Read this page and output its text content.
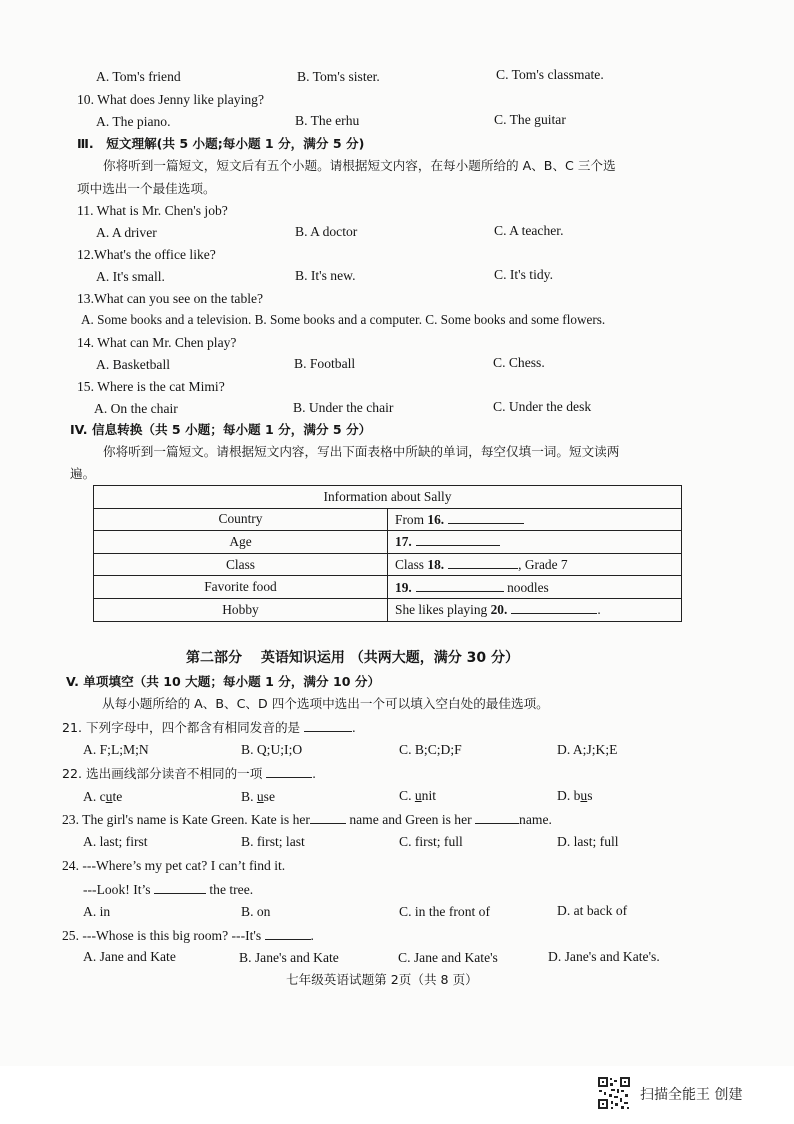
A. Tom's friend	B. Tom's sister.	C. Tom's classmate.
10. What does Jenny like playing?
A. The piano.	B. The erhu	C. The guitar
Ⅲ.　短文理解(共 5 小题;每小题 1 分，满分 5 分)
你将听到一篇短文，短文后有五个小题。请根据短文内容，在每小题所给的 A、B、C 三个选
项中选出一个最佳选项。
11. What is Mr. Chen's job?
A. A driver	B. A doctor	C. A teacher.
12.What's the office like?
A. It's small.	B. It's new.	C. It's tidy.
13.What can you see on the table?
A. Some books and a television. B. Some books and a computer. C. Some books and some flowers.
14. What can Mr. Chen play?
A. Basketball	B. Football	C. Chess.
15. Where is the cat Mimi?
A. On the chair	B. Under the chair	C. Under the desk
IV. 信息转换（共 5 小题；每小题 1 分，满分 5 分）
你将听到一篇短文。请根据短文内容，写出下面表格中所缺的单词，每空仅填一词。短文读两
遍。
Information about Sally	
Country	From 16.
Age	17.
Class	Class 18. , Grade 7
Favorite food	19. noodles
Hobby	She likes playing 20. .
第二部分　 英语知识运用 （共两大题，满分 30 分）
V. 单项填空（共 10 大题；每小题 1 分，满分 10 分）
从每小题所给的 A、B、C、D 四个选项中选出一个可以填入空白处的最佳选项。
21. 下列字母中，四个都含有相同发音的是	.
A. F;L;M;N	B. Q;U;I;O	C. B;C;D;F	D. A;J;K;E
22. 选出画线部分读音不相同的一项	.
A. cute	B. use	C. unit	D. bus
23. The girl's name is Kate Green. Kate is her	name and Green is her	name.
A. last; first	B. first; last	C. first; full	D. last; full
24. ---Where’s my pet cat? I can’t find it.
---Look! It’s	the tree.
A. in	B. on	C. in the front of	D. at back of
25. ---Whose is this big room? ---It's	.
A. Jane and Kate	B. Jane's and Kate	C. Jane and Kate's	D. Jane's and Kate's.
七年级英语试题第 2页（共 8 页）
扫描全能王 创建
